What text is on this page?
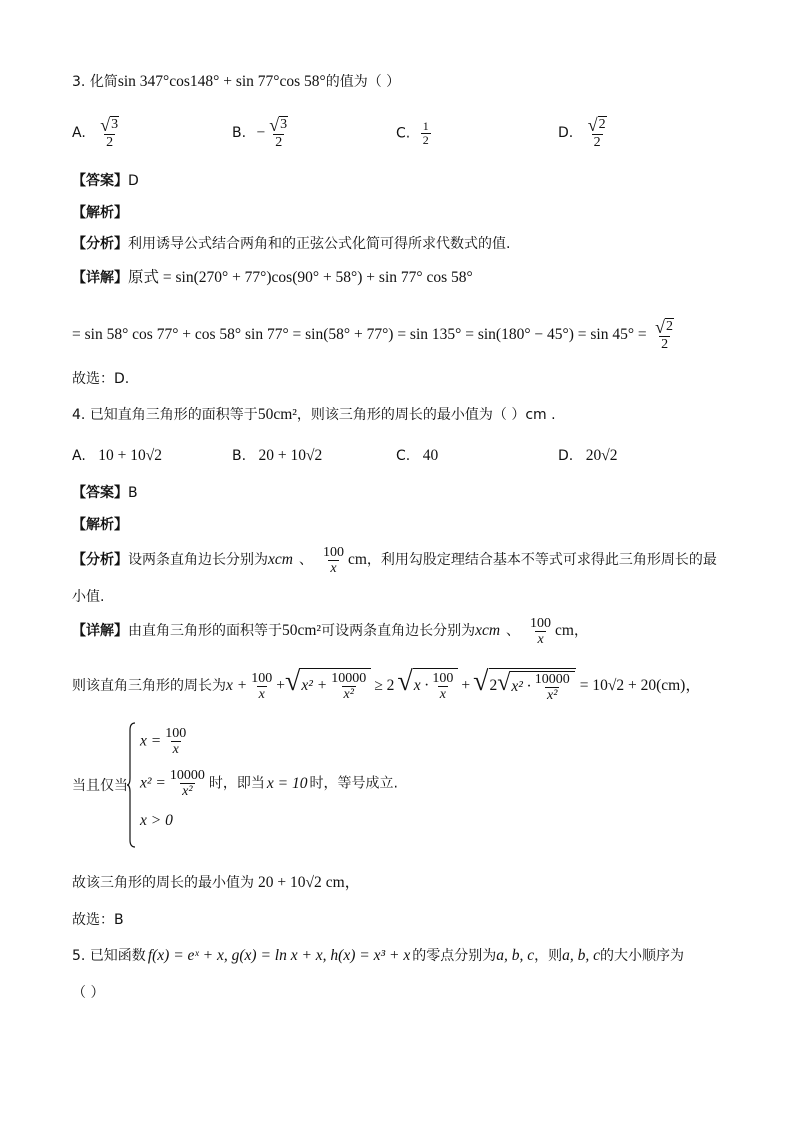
3. 化简sin 347°cos148° + sin 77°cos 58°的值为（ ）
A. $\frac{√ 3}{2}$	B. − $\frac{√ 3}{2}$	C. $\frac{1}{2}$	D. $\frac{√ 2}{2}$
【答案】D
【解析】
【分析】利用诱导公式结合两角和的正弦公式化简可得所求代数式的值.
【详解】原式 = sin(270° + 77°)cos(90° + 58°) + sin 77° cos 58°
= sin 58° cos 77° + cos 58° $\sin 77^\circ = \sin(58^\circ + 77^\circ) = \sin 135^\circ = \sin(180^\circ - 45^\circ) = \sin 45^\circ = \frac{√ 2}{2}$
故选：D.
4. 已知直角三角形的面积等于50cm²，则该三角形的周长的最小值为（ ）cm .
A. 10 + 10√2	B. 20 + 10√2	C. 40	D. 20√2
【答案】B
【解析】
【分析】设两条直角边长分别为xcm 、 $\frac{100}{x}$ cm，利用勾股定理结合基本不等式可求得此三角形周长的最
小值.
【详解】由直角三角形的面积等于50cm²可设两条直角边长分别为xcm 、 $\frac{100}{x}$ cm，
则该直角三角形的周长为$x + \frac{100}{x}$ + √ $x^2 + \frac{10000}{\text{x²}} \ge 2$ √ $x \cdot \frac{100}{x}$ + √ 2 √ $x^2 \cdot \frac{10000}{\text{x²}} = 10√2 + 20(cm)$，
当且仅当
$x = \frac{100}{x}$
$x^2 = \frac{10000}{\text{x²}}$ 时，即当 x = 10 时，等号成立.
x > 0
故该三角形的周长的最小值为 20 + 10√2 cm，
故选：B
5. 已知函数 f(x) = eˣ + x, g(x) = ln x + x, h(x) = x³ + x 的零点分别为a, b, c，则a, b, c的大小顺序为
（ ）
